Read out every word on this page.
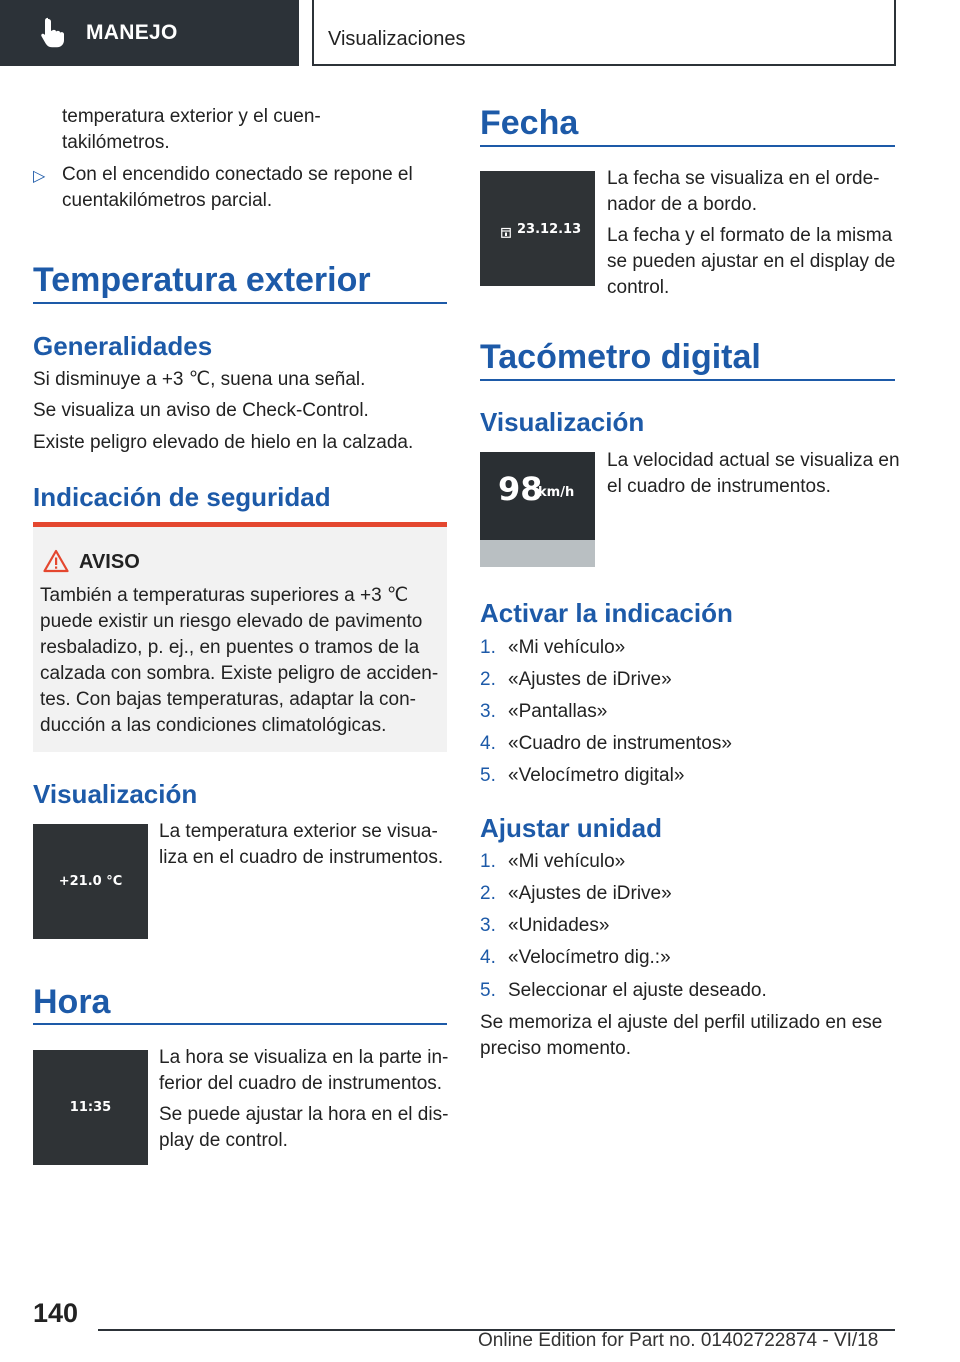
MANEJO	Visualizaciones
temperatura exterior y el cuen‐
takilómetros.
▷ Con el encendido conectado se repone el
cuentakilómetros parcial.
Temperatura exterior
Generalidades
Si disminuye a +3 ℃, suena una señal.
Se visualiza un aviso de Check-Control.
Existe peligro elevado de hielo en la calzada.
Indicación de seguridad
AVISO
También a temperaturas superiores a +3 ℃
puede existir un riesgo elevado de pavimento
resbaladizo, p. ej., en puentes o tramos de la
calzada con sombra. Existe peligro de acciden‐
tes. Con bajas temperaturas, adaptar la con‐
ducción a las condiciones climatológicas.
Visualización
+21.0 °C
La temperatura exterior se visua‐
liza en el cuadro de instrumentos.
Hora
11:35
La hora se visualiza en la parte in‐
ferior del cuadro de instrumentos.
Se puede ajustar la hora en el dis‐
play de control.
Fecha
23.12.13
La fecha se visualiza en el orde‐
nador de a bordo.
La fecha y el formato de la misma
se pueden ajustar en el display de
control.
Tacómetro digital
Visualización
98
km/h
La velocidad actual se visualiza en
el cuadro de instrumentos.
Activar la indicación
1. «Mi vehículo»
2. «Ajustes de iDrive»
3. «Pantallas»
4. «Cuadro de instrumentos»
5. «Velocímetro digital»
Ajustar unidad
1. «Mi vehículo»
2. «Ajustes de iDrive»
3. «Unidades»
4. «Velocímetro dig.:»
5. Seleccionar el ajuste deseado.
Se memoriza el ajuste del perfil utilizado en ese
preciso momento.
140
Online Edition for Part no. 01402722874 - VI/18
